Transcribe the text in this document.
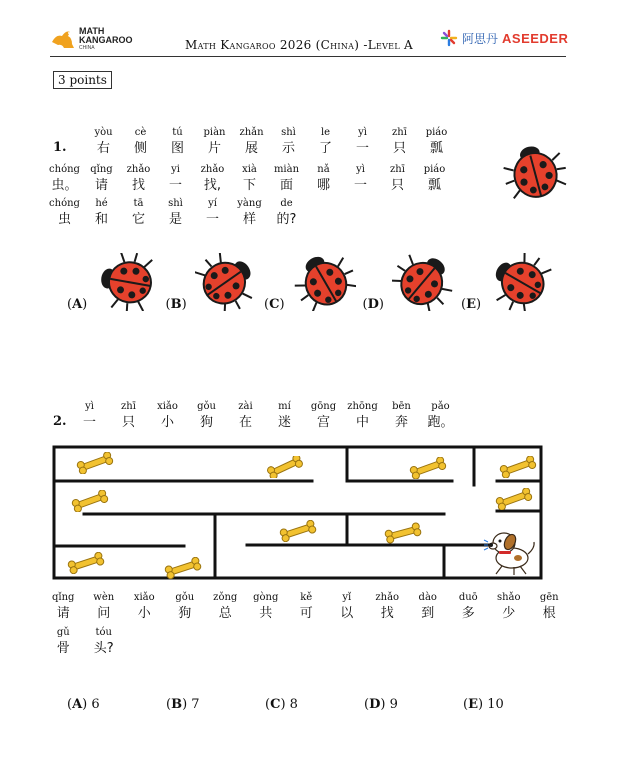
MATH
KANGAROO
CHINA	Math Kangaroo 2026 (China) -Level A	阿思丹 ASEEDER
3 points
1.
yòu
右
cè
侧
tú
图
piàn
片
zhǎn
展
shì
示
le
了
yì
一
zhī
只
piáo
瓢
chóng
虫。
qǐng
请
zhǎo
找
yi
一
zhǎo
找,
xià
下
miàn
面
nǎ
哪
yì
一
zhī
只
piáo
瓢
chóng
虫
hé
和
tā
它
shì
是
yí
一
yàng
样
de
的?
(A)	(B)	(C)	(D)	(E)
2.
yì
一
zhī
只
xiǎo
小
gǒu
狗
zài
在
mí
迷
gōng
宫
zhōng
中
bēn
奔
pǎo
跑。
qǐng
请
wèn
问
xiǎo
小
gǒu
狗
zǒng
总
gòng
共
kě
可
yǐ
以
zhǎo
找
dào
到
duō
多
shǎo
少
gēn
根
gǔ
骨
tóu
头?
(A) 6	(B) 7	(C) 8	(D) 9	(E) 10
